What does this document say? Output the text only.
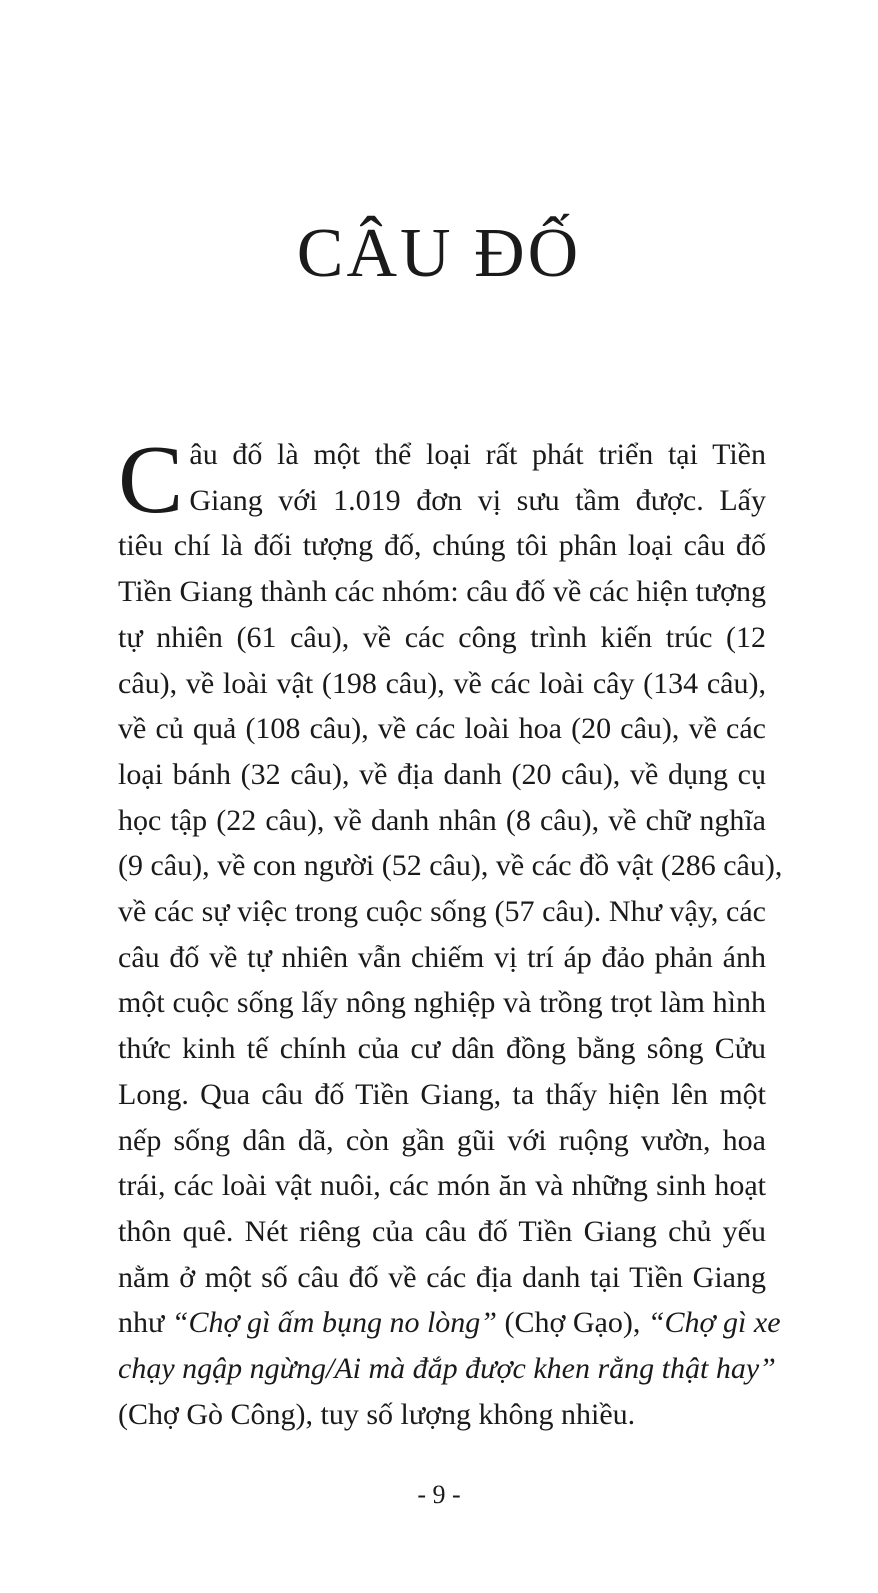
CÂU ĐỐ
C âu đố là một thể loại rất phát triển tại Tiền
Giang với 1.019 đơn vị sưu tầm được. Lấy
tiêu chí là đối tượng đố, chúng tôi phân loại câu đố
Tiền Giang thành các nhóm: câu đố về các hiện tượng
tự nhiên (61 câu), về các công trình kiến trúc (12
câu), về loài vật (198 câu), về các loài cây (134 câu),
về củ quả (108 câu), về các loài hoa (20 câu), về các
loại bánh (32 câu), về địa danh (20 câu), về dụng cụ
học tập (22 câu), về danh nhân (8 câu), về chữ nghĩa
(9 câu), về con người (52 câu), về các đồ vật (286 câu),
về các sự việc trong cuộc sống (57 câu). Như vậy, các
câu đố về tự nhiên vẫn chiếm vị trí áp đảo phản ánh
một cuộc sống lấy nông nghiệp và trồng trọt làm hình
thức kinh tế chính của cư dân đồng bằng sông Cửu
Long. Qua câu đố Tiền Giang, ta thấy hiện lên một
nếp sống dân dã, còn gần gũi với ruộng vườn, hoa
trái, các loài vật nuôi, các món ăn và những sinh hoạt
thôn quê. Nét riêng của câu đố Tiền Giang chủ yếu
nằm ở một số câu đố về các địa danh tại Tiền Giang
như “Chợ gì ấm bụng no lòng” (Chợ Gạo), “Chợ gì xe
chạy ngập ngừng/Ai mà đắp được khen rằng thật hay”
(Chợ Gò Công), tuy số lượng không nhiều.
- 9 -
